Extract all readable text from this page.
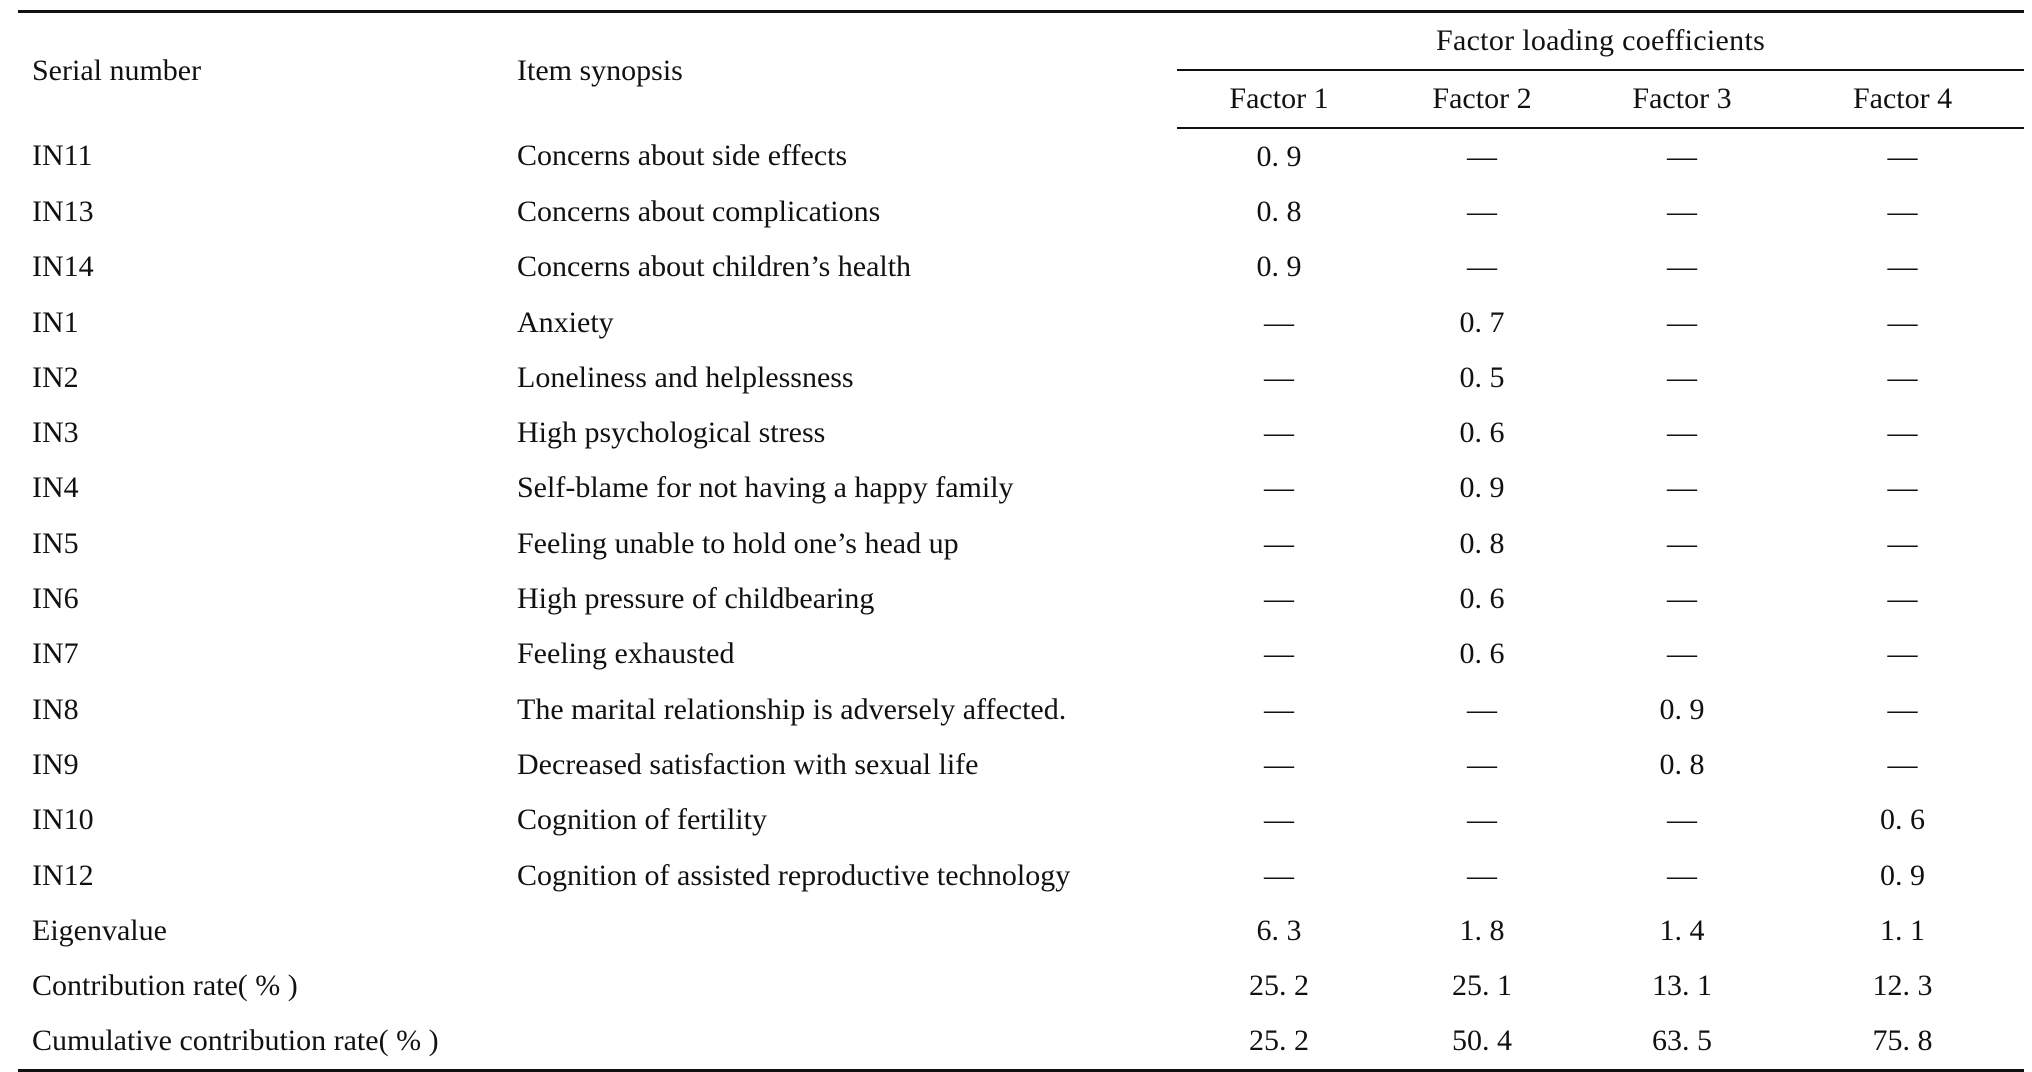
Serial number	Item synopsis	Factor loading coefficients			
		Factor 1	Factor 2	Factor 3	Factor 4
IN11	Concerns about side effects	0. 9	—	—	—
IN13	Concerns about complications	0. 8	—	—	—
IN14	Concerns about children’s health	0. 9	—	—	—
IN1	Anxiety	—	0. 7	—	—
IN2	Loneliness and helplessness	—	0. 5	—	—
IN3	High psychological stress	—	0. 6	—	—
IN4	Self-blame for not having a happy family	—	0. 9	—	—
IN5	Feeling unable to hold one’s head up	—	0. 8	—	—
IN6	High pressure of childbearing	—	0. 6	—	—
IN7	Feeling exhausted	—	0. 6	—	—
IN8	The marital relationship is adversely affected.	—	—	0. 9	—
IN9	Decreased satisfaction with sexual life	—	—	0. 8	—
IN10	Cognition of fertility	—	—	—	0. 6
IN12	Cognition of assisted reproductive technology	—	—	—	0. 9
Eigenvalue		6. 3	1. 8	1. 4	1. 1
Contribution rate( % )		25. 2	25. 1	13. 1	12. 3
Cumulative contribution rate( % )		25. 2	50. 4	63. 5	75. 8
